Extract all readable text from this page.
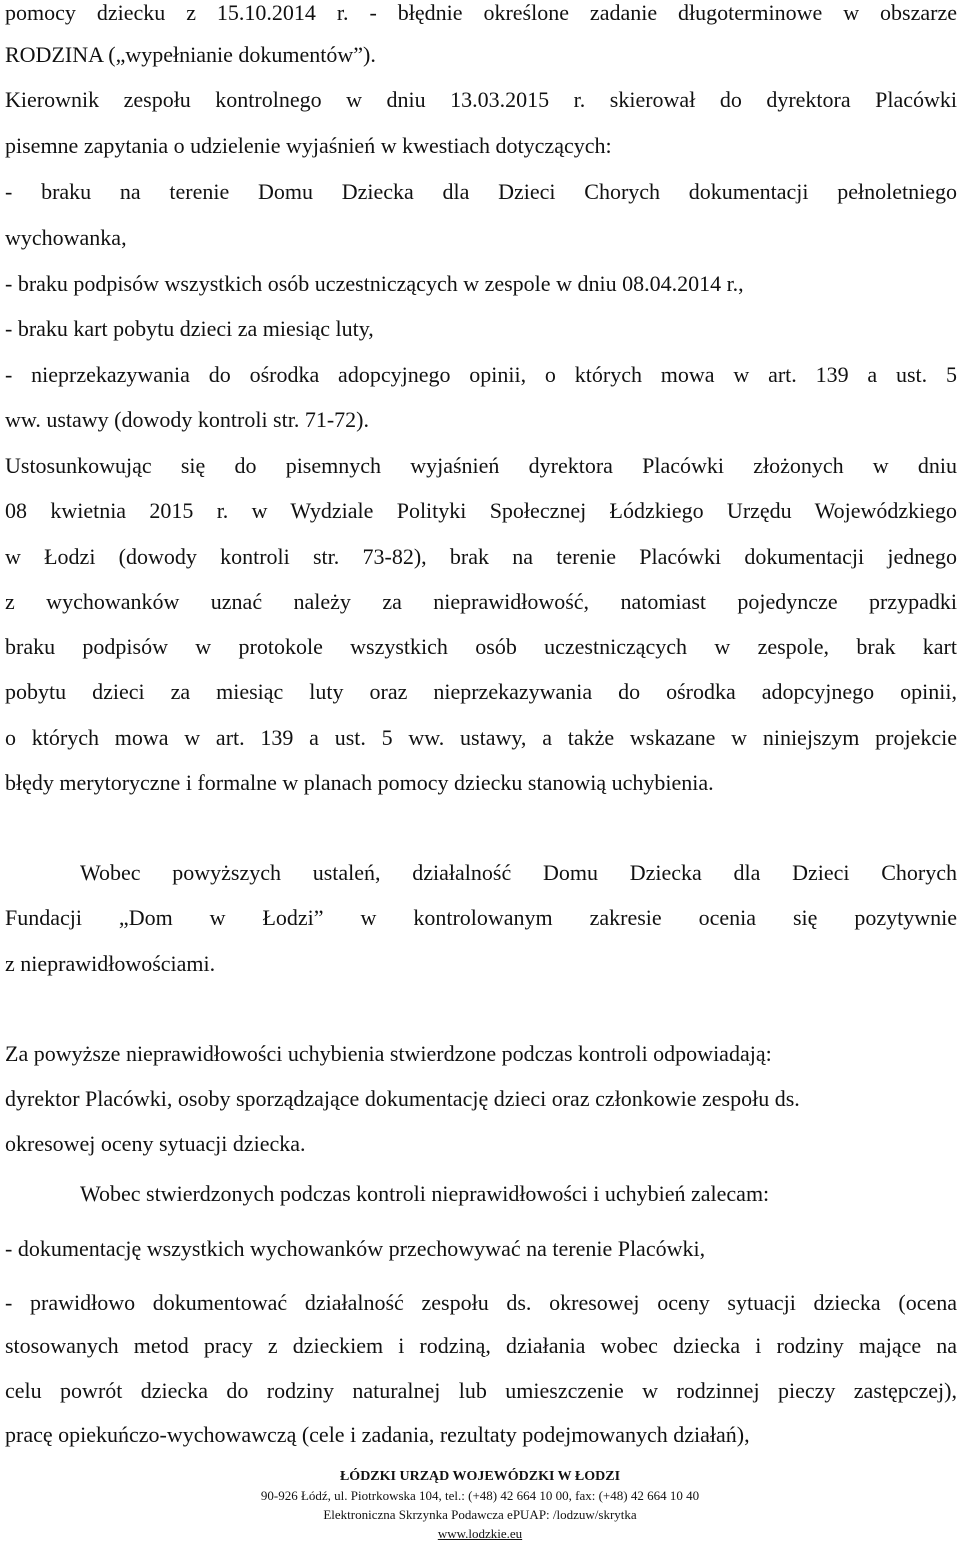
pomocy dziecku z 15.10.2014 r. - błędnie określone zadanie długoterminowe w obszarze
RODZINA („wypełnianie dokumentów”).
Kierownik zespołu kontrolnego w dniu 13.03.2015 r. skierował do dyrektora Placówki
pisemne zapytania o udzielenie wyjaśnień w kwestiach dotyczących:
- braku na terenie Domu Dziecka dla Dzieci Chorych dokumentacji pełnoletniego
wychowanka,
- braku podpisów wszystkich osób uczestniczących w zespole w dniu 08.04.2014 r.,
- braku kart pobytu dzieci za miesiąc luty,
- nieprzekazywania do ośrodka adopcyjnego opinii, o których mowa w art. 139 a ust. 5
ww. ustawy (dowody kontroli str. 71-72).
Ustosunkowując się do pisemnych wyjaśnień dyrektora Placówki złożonych w dniu
08 kwietnia 2015 r. w Wydziale Polityki Społecznej Łódzkiego Urzędu Wojewódzkiego
w Łodzi (dowody kontroli str. 73-82), brak na terenie Placówki dokumentacji jednego
z wychowanków uznać należy za nieprawidłowość, natomiast pojedyncze przypadki
braku podpisów w protokole wszystkich osób uczestniczących w zespole, brak kart
pobytu dzieci za miesiąc luty oraz nieprzekazywania do ośrodka adopcyjnego opinii,
o których mowa w art. 139 a ust. 5 ww. ustawy, a także wskazane w niniejszym projekcie
błędy merytoryczne i formalne w planach pomocy dziecku stanowią uchybienia.
Wobec powyższych ustaleń, działalność Domu Dziecka dla Dzieci Chorych
Fundacji „Dom w Łodzi” w kontrolowanym zakresie ocenia się pozytywnie
z nieprawidłowościami.
Za powyższe nieprawidłowości uchybienia stwierdzone podczas kontroli odpowiadają:
dyrektor Placówki, osoby sporządzające dokumentację dzieci oraz członkowie zespołu ds.
okresowej oceny sytuacji dziecka.
Wobec stwierdzonych podczas kontroli nieprawidłowości i uchybień zalecam:
- dokumentację wszystkich wychowanków przechowywać na terenie Placówki,
- prawidłowo dokumentować działalność zespołu ds. okresowej oceny sytuacji dziecka (ocena
stosowanych metod pracy z dzieckiem i rodziną, działania wobec dziecka i rodziny mające na
celu powrót dziecka do rodziny naturalnej lub umieszczenie w rodzinnej pieczy zastępczej),
pracę opiekuńczo-wychowawczą (cele i zadania, rezultaty podejmowanych działań),
ŁÓDZKI URZĄD WOJEWÓDZKI W ŁODZI
90-926 Łódź, ul. Piotrkowska 104, tel.: (+48) 42 664 10 00, fax: (+48) 42 664 10 40
Elektroniczna Skrzynka Podawcza ePUAP: /lodzuw/skrytka
www.lodzkie.eu
